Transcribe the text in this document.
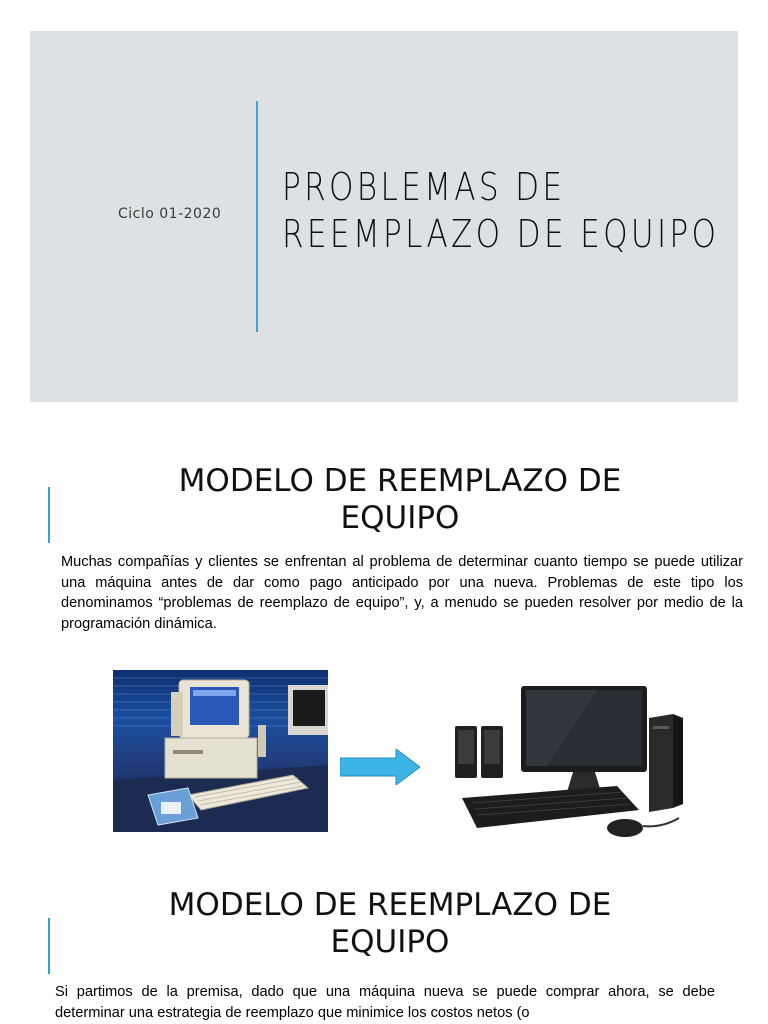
Ciclo 01-2020
PROBLEMAS DE
REEMPLAZO DE EQUIPO
MODELO DE REEMPLAZO DE
EQUIPO

Muchas compañías y clientes se enfrentan al problema de determinar cuanto tiempo se puede utilizar una máquina antes de dar como pago anticipado por una nueva. Problemas de este tipo los denominamos “problemas de reemplazo de equipo”, y, a menudo se pueden resolver por medio de la programación dinámica.

MODELO DE REEMPLAZO DE
EQUIPO

Si partimos de la premisa, dado que una máquina nueva se puede comprar ahora, se debe determinar una estrategia de reemplazo que minimice los costos netos (o
